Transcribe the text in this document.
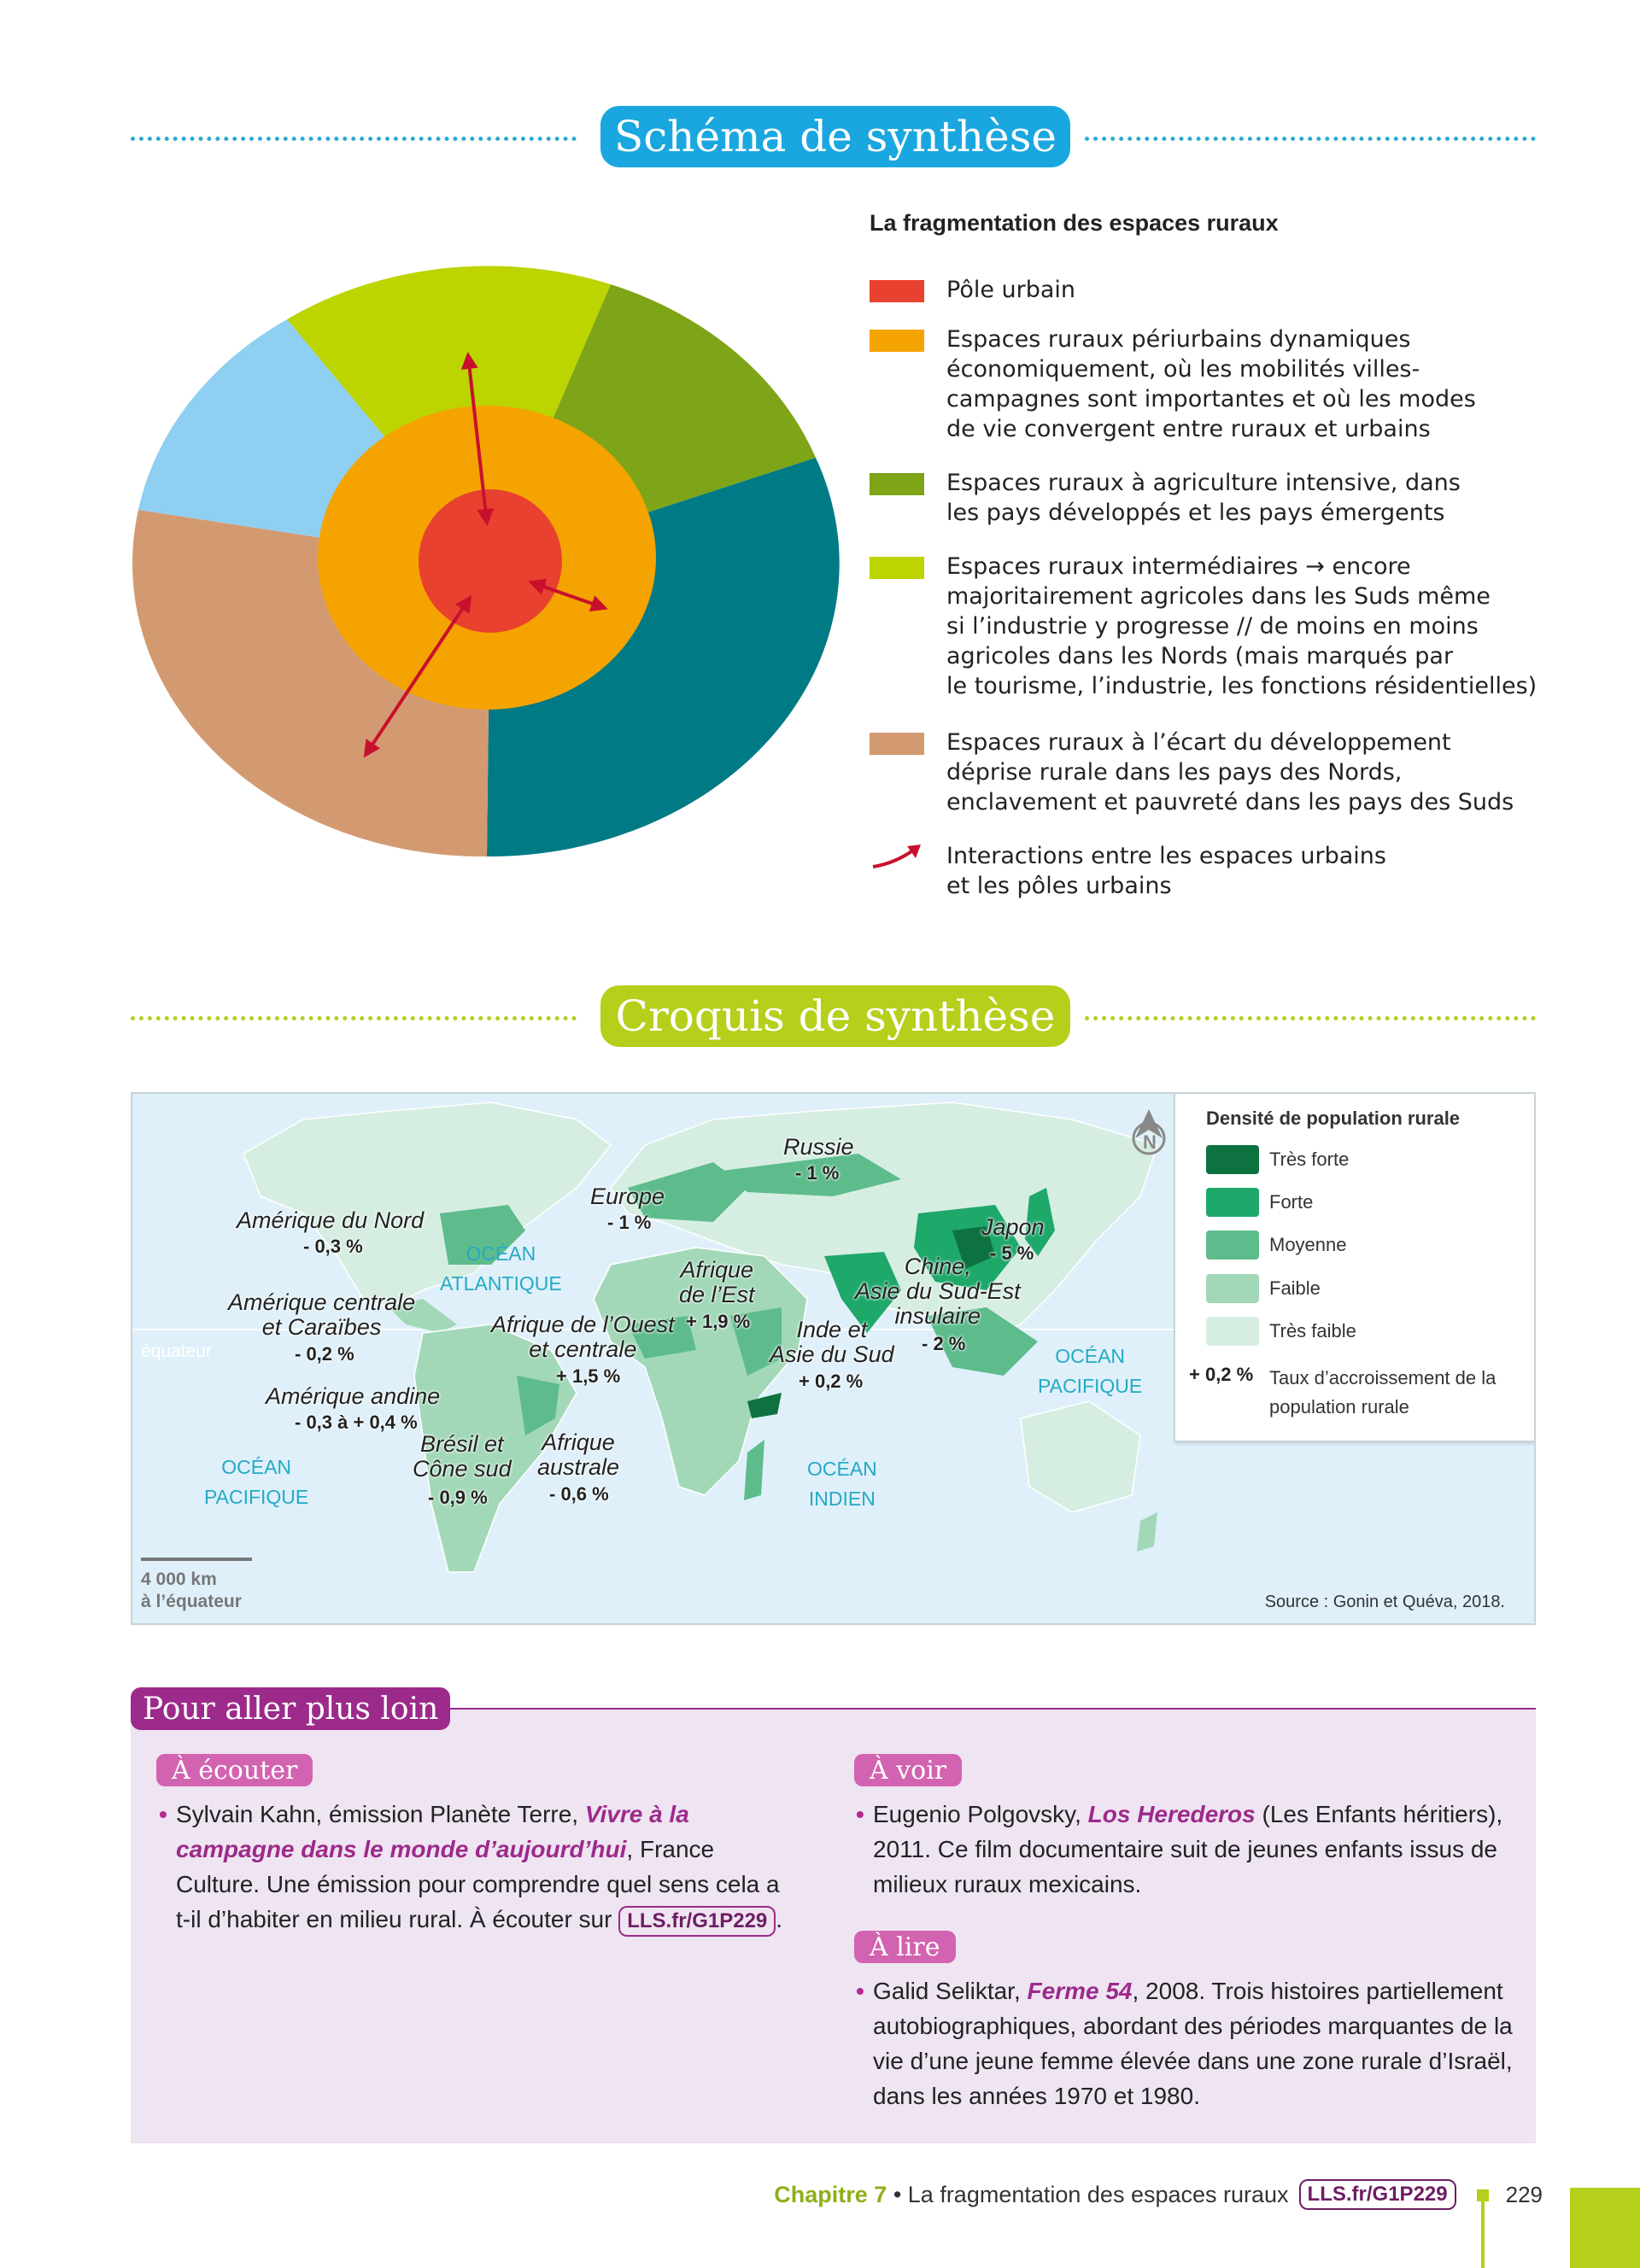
Schéma de synthèse
La fragmentation des espaces ruraux
Pôle urbain
Espaces ruraux périurbains dynamiques
économiquement, où les mobilités villes-
campagnes sont importantes et où les modes
de vie convergent entre ruraux et urbains
Espaces ruraux à agriculture intensive, dans
les pays développés et les pays émergents
Espaces ruraux intermédiaires → encore
majoritairement agricoles dans les Suds même
si l’industrie y progresse // de moins en moins
agricoles dans les Nords (mais marqués par
le tourisme, l’industrie, les fonctions résidentielles)
Espaces ruraux à l’écart du développement
déprise rurale dans les pays des Nords,
enclavement et pauvreté dans les pays des Suds
Interactions entre les espaces urbains
et les pôles urbains
Croquis de synthèse
N
Amérique du Nord
- 0,3 %
Amérique centrale
et Caraïbes
- 0,2 %
Amérique andine
- 0,3 à + 0,4 %
Brésil et
Cône sud
- 0,9 %
Europe
- 1 %
Russie
- 1 %
Afrique
de l’Est
+ 1,9 %
Afrique de l’Ouest
et centrale
+ 1,5 %
Afrique
australe
- 0,6 %
Inde et
Asie du Sud
+ 0,2 %
Chine,
Asie du Sud-Est
insulaire
- 2 %
Japon
- 5 %
OCÉAN
ATLANTIQUE
OCÉAN
PACIFIQUE
OCÉAN
INDIEN
OCÉAN
PACIFIQUE
équateur
4 000 km
à l’équateur	Source : Gonin et Quéva, 2018.
Densité de population rurale
Très forte
Forte
Moyenne
Faible
Très faible
+ 0,2 % Taux d’accroissement de la
population rurale
Pour aller plus loin
À écouter
• Sylvain Kahn, émission Planète Terre, Vivre à la campagne dans le monde d’aujourd’hui, France Culture. Une émission pour comprendre quel sens cela a t-il d’habiter en milieu rural. À écouter sur LLS.fr/G1P229 .
À voir
• Eugenio Polgovsky, Los Herederos (Les Enfants héritiers), 2011. Ce film documentaire suit de jeunes enfants issus de milieux ruraux mexicains.
À lire
• Galid Seliktar, Ferme 54, 2008. Trois histoires partiellement autobiographiques, abordant des périodes marquantes de la vie d’une jeune femme élevée dans une zone rurale d’Israël, dans les années 1970 et 1980.
Chapitre 7 • La fragmentation des espaces ruraux LLS.fr/G1P229	229
